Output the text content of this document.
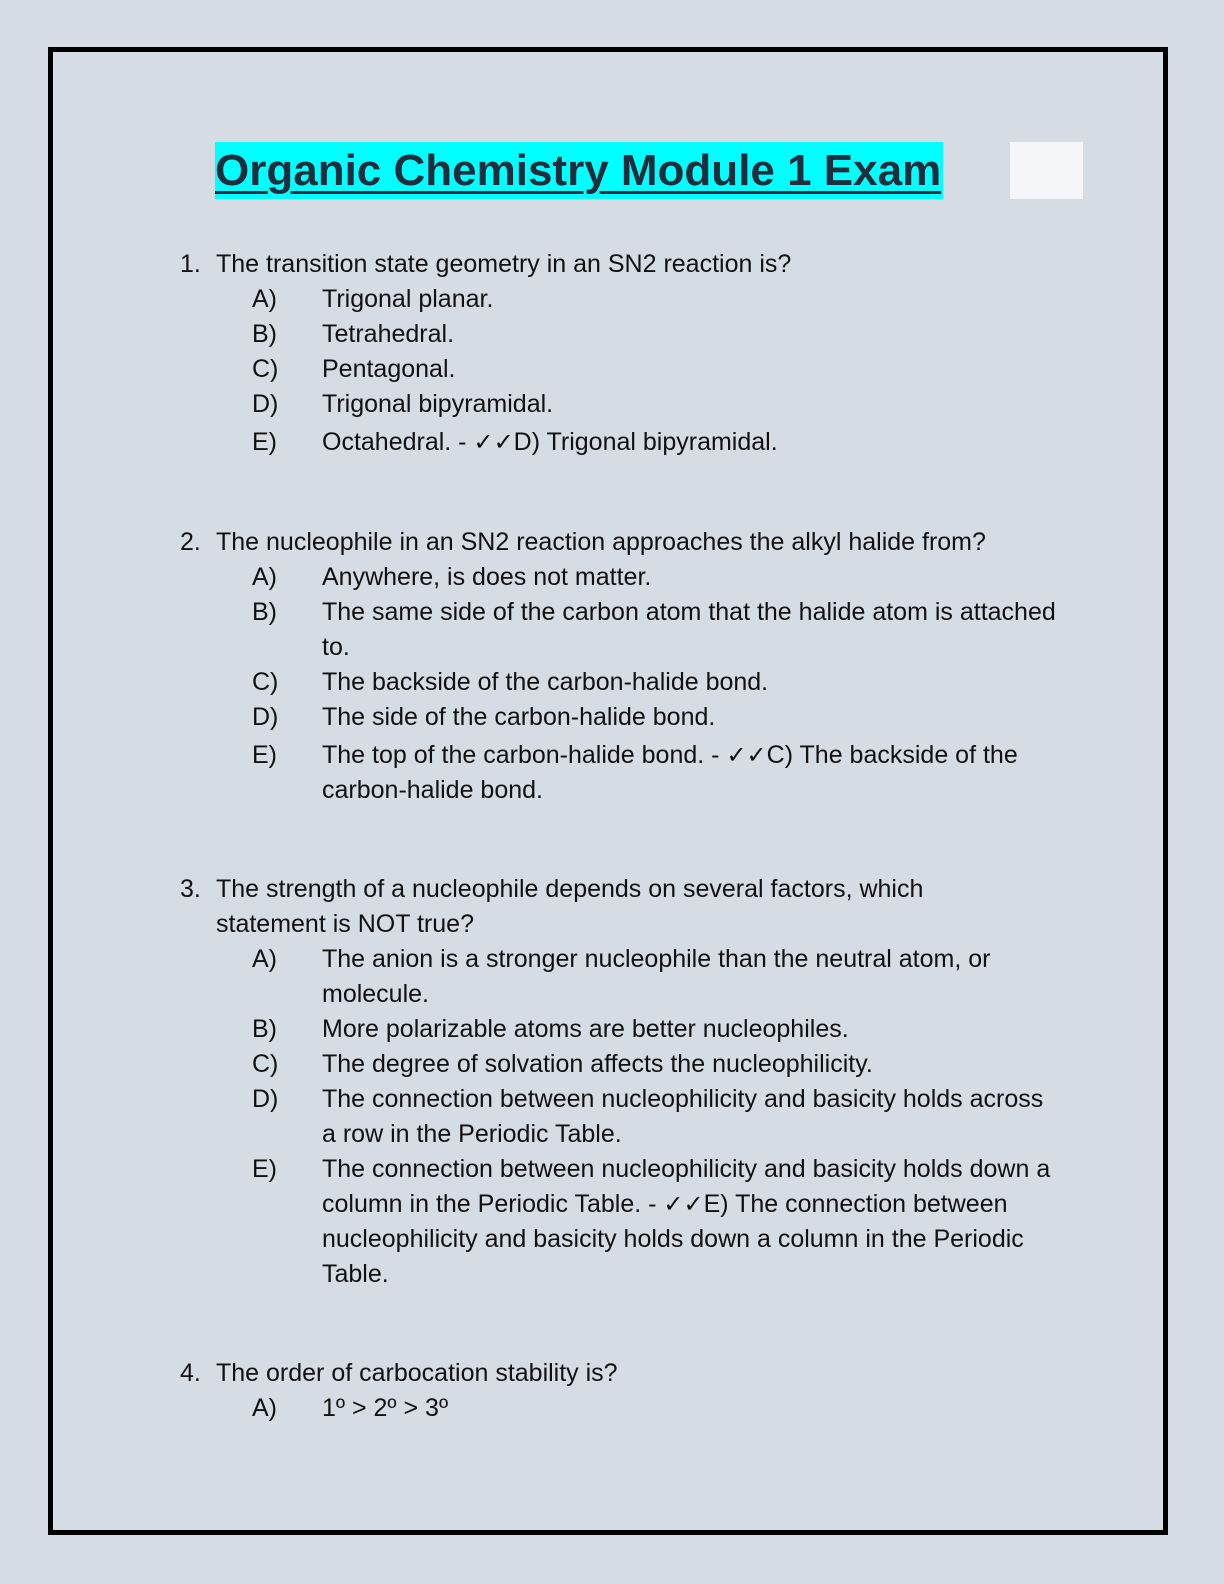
Organic Chemistry Module 1 Exam
1. The transition state geometry in an SN2 reaction is?
A)	Trigonal planar.
B)	Tetrahedral.
C)	Pentagonal.
D)	Trigonal bipyramidal.
E)	Octahedral. - ✓✓D) Trigonal bipyramidal.
2. The nucleophile in an SN2 reaction approaches the alkyl halide from?
A)	Anywhere, is does not matter.
B)	The same side of the carbon atom that the halide atom is attached to.
C)	The backside of the carbon-halide bond.
D)	The side of the carbon-halide bond.
E)	The top of the carbon-halide bond. - ✓✓C) The backside of the carbon-halide bond.
3. The strength of a nucleophile depends on several factors, which statement is NOT true?
A)	The anion is a stronger nucleophile than the neutral atom, or molecule.
B)	More polarizable atoms are better nucleophiles.
C)	The degree of solvation affects the nucleophilicity.
D)	The connection between nucleophilicity and basicity holds across a row in the Periodic Table.
E)	The connection between nucleophilicity and basicity holds down a column in the Periodic Table. - ✓✓E) The connection between nucleophilicity and basicity holds down a column in the Periodic Table.
4. The order of carbocation stability is?
A)	1º > 2º > 3º
